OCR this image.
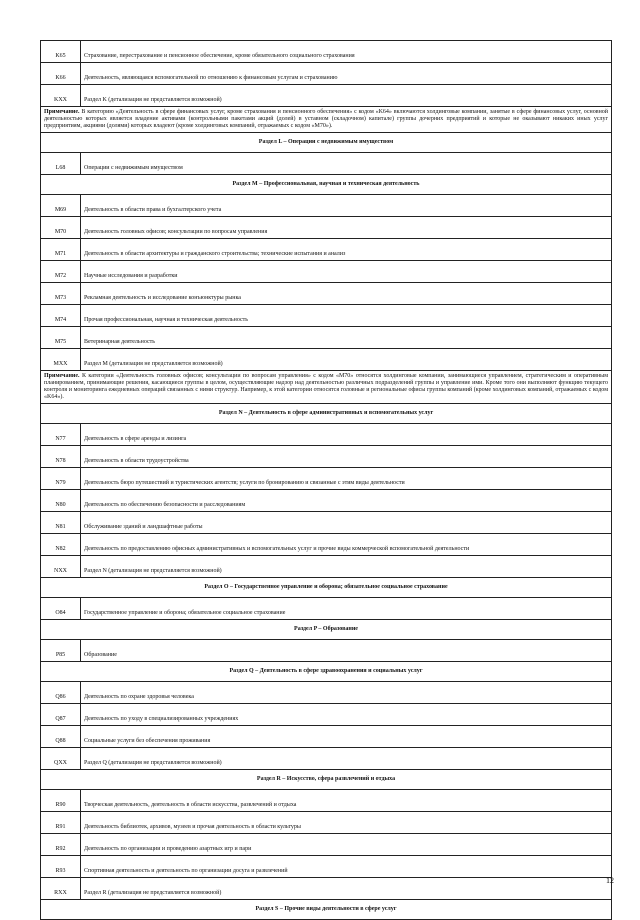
K65	Страхование, перестрахование и пенсионное обеспечение, кроме обязательного социального страхования
K66	Деятельность, являющаяся вспомогательной по отношению к финансовым услугам и страхованию
KXX	Раздел K (детализация не представляется возможной)
Примечание. В категорию «Деятельность в сфере финансовых услуг, кроме страхования и пенсионного обеспечения» с кодом «K64» включаются холдинговые компании, занятые в сфере финансовых услуг, основной деятельностью которых является владение активами (контрольными пакетами акций (долей) в уставном (складочном) капитале) группы дочерних предприятий и которые не оказывают никаких иных услуг предприятиям, акциями (долями) которых владеют (кроме холдинговых компаний, отражаемых с кодом «M70»).	
Раздел L – Операции с недвижимым имуществом	
L68	Операции с недвижимым имуществом
Раздел M – Профессиональная, научная и техническая деятельность	
M69	Деятельность в области права и бухгалтерского учета
M70	Деятельность головных офисов; консультации по вопросам управления
M71	Деятельность в области архитектуры и гражданского строительства; технические испытания и анализ
M72	Научные исследования и разработки
M73	Рекламная деятельность и исследование конъюнктуры рынка
M74	Прочая профессиональная, научная и техническая деятельность
M75	Ветеринарная деятельность
MXX	Раздел M (детализация не представляется возможной)
Примечание. К категории «Деятельность головных офисов; консультации по вопросам управления» с кодом «M70» относятся холдинговые компании, занимающиеся управлением, стратегическим и оперативным планированием, принимающие решения, касающиеся группы в целом, осуществляющие надзор над деятельностью различных подразделений группы и управление ими. Кроме того они выполняют функцию текущего контроля и мониторинга ежедневных операций связанных с ними структур. Например, к этой категории относятся головные и региональные офисы группы компаний (кроме холдинговых компаний, отражаемых с кодом «K64»).	
Раздел N – Деятельность в сфере административных и вспомогательных услуг	
N77	Деятельность в сфере аренды и лизинга
N78	Деятельность в области трудоустройства
N79	Деятельность бюро путешествий и туристических агентств; услуги по бронированию и связанные с этим виды деятельности
N80	Деятельность по обеспечению безопасности и расследованиям
N81	Обслуживание зданий и ландшафтные работы
N82	Деятельность по предоставлению офисных административных и вспомогательных услуг и прочие виды коммерческой вспомогательной деятельности
NXX	Раздел N (детализация не представляется возможной)
Раздел O – Государственное управление и оборона; обязательное социальное страхование	
O84	Государственное управление и оборона; обязательное социальное страхование
Раздел P – Образование	
P85	Образование
Раздел Q – Деятельность в сфере здравоохранения и социальных услуг	
Q86	Деятельность по охране здоровья человека
Q87	Деятельность по уходу в специализированных учреждениях
Q88	Социальные услуги без обеспечения проживания
QXX	Раздел Q (детализация не представляется возможной)
Раздел R – Искусство, сфера развлечений и отдыха	
R90	Творческая деятельность, деятельность в области искусства, развлечений и отдыха
R91	Деятельность библиотек, архивов, музеев и прочая деятельность в области культуры
R92	Деятельность по организации и проведению азартных игр и пари
R93	Спортивная деятельность и деятельность по организации досуга и развлечений
RXX	Раздел R (детализация не представляется возможной)
Раздел S – Прочие виды деятельности в сфере услуг	
12
